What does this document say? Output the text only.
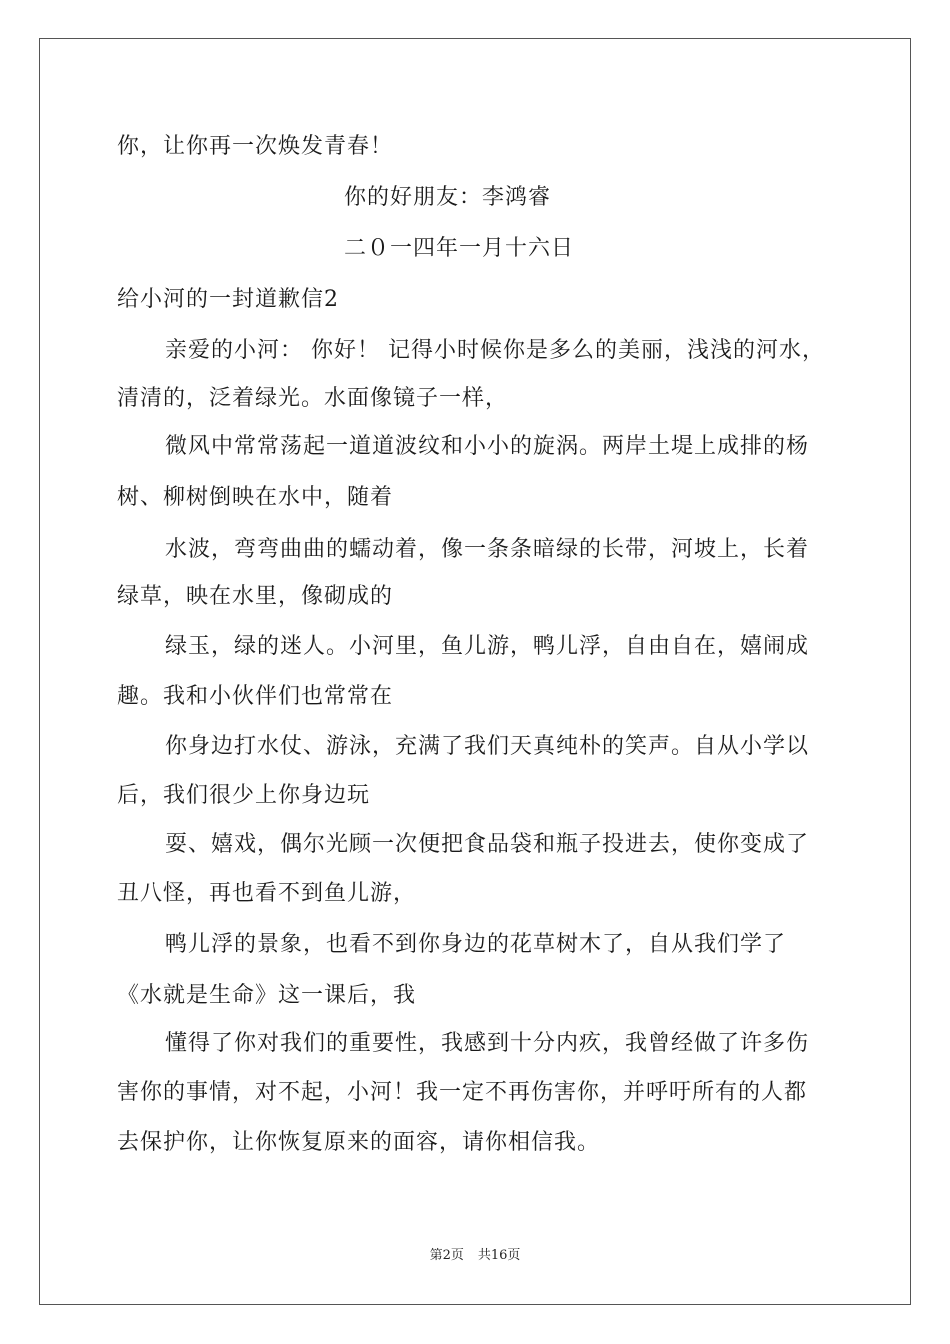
你，让你再一次焕发青春！
你的好朋友：李鸿睿
二０一四年一月十六日
给小河的一封道歉信2
亲爱的小河： 你好！ 记得小时候你是多么的美丽，浅浅的河水，
清清的，泛着绿光。水面像镜子一样，
微风中常常荡起一道道波纹和小小的旋涡。两岸土堤上成排的杨
树、柳树倒映在水中，随着
水波，弯弯曲曲的蠕动着，像一条条暗绿的长带，河坡上，长着
绿草，映在水里，像砌成的
绿玉，绿的迷人。小河里，鱼儿游，鸭儿浮，自由自在，嬉闹成
趣。我和小伙伴们也常常在
你身边打水仗、游泳，充满了我们天真纯朴的笑声。自从小学以
后，我们很少上你身边玩
耍、嬉戏，偶尔光顾一次便把食品袋和瓶子投进去，使你变成了
丑八怪，再也看不到鱼儿游，
鸭儿浮的景象，也看不到你身边的花草树木了，自从我们学了
《水就是生命》这一课后，我
懂得了你对我们的重要性，我感到十分内疚，我曾经做了许多伤
害你的事情，对不起，小河！我一定不再伤害你，并呼吁所有的人都
去保护你，让你恢复原来的面容，请你相信我。
第2页 共16页
